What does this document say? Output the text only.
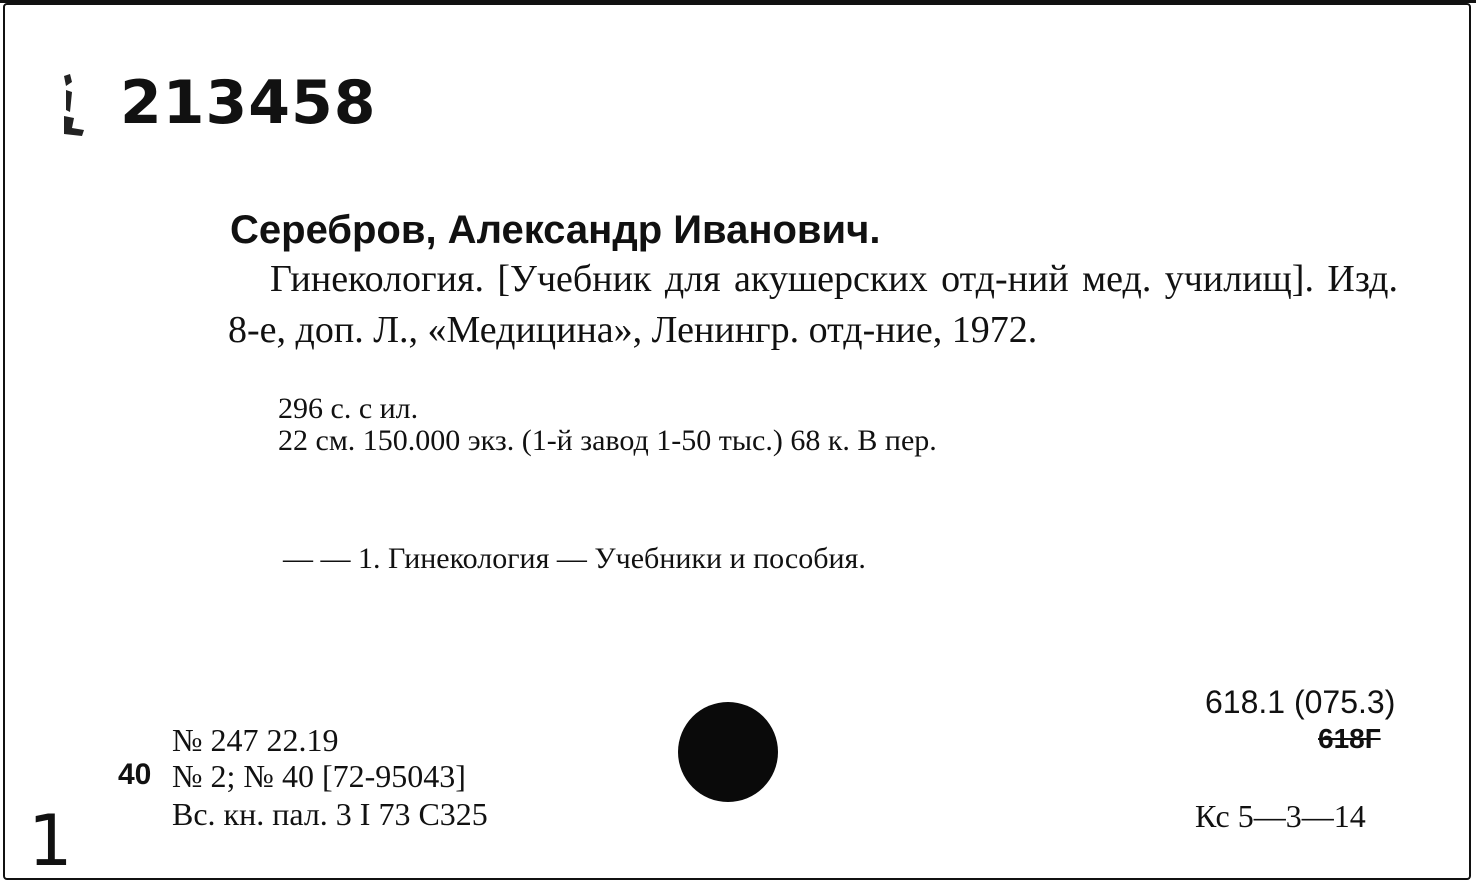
213458
Серебров, Александр Иванович.
Гинекология. [Учебник для акушерских отд-ний мед. училищ]. Изд. 8-е, доп. Л., «Медицина», Ленингр. отд-ние, 1972.
296 с. с ил.
22 см. 150.000 экз. (1-й завод 1-50 тыс.) 68 к. В пер.
— — 1. Гинекология — Учебники и пособия.
618.1 (075.3)
618Г
№ 247 22.19
40 № 2; № 40 [72-95043]
Вс. кн. пал. 3 I 73 С325	Кс 5—3—14
1
